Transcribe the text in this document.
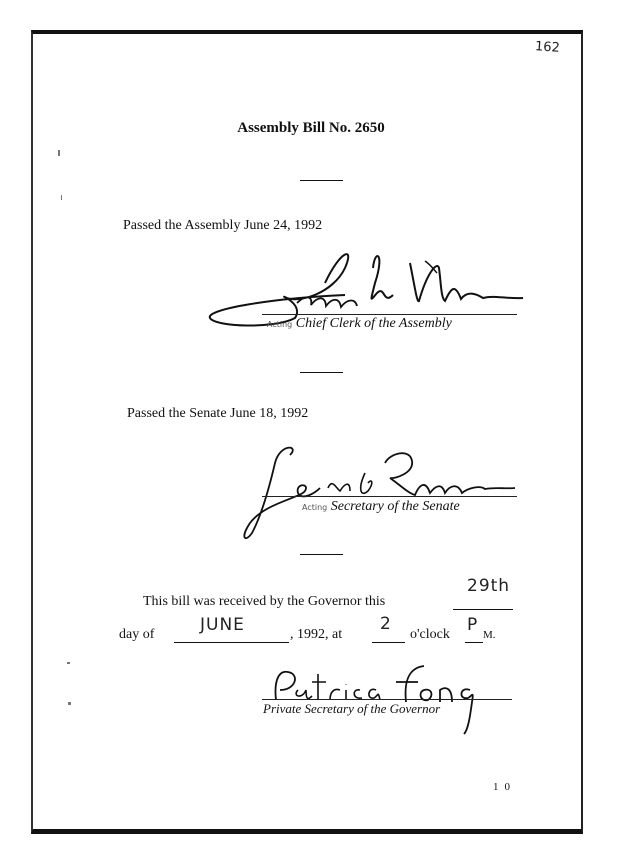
162
Assembly Bill No. 2650
Passed the Assembly June 24, 1992
Acting Chief Clerk of the Assembly
Passed the Senate June 18, 1992
Acting Secretary of the Senate
This bill was received by the Governor this
29th
day of	JUNE	, 1992, at
2
o'clock P M.
Private Secretary of the Governor
10
